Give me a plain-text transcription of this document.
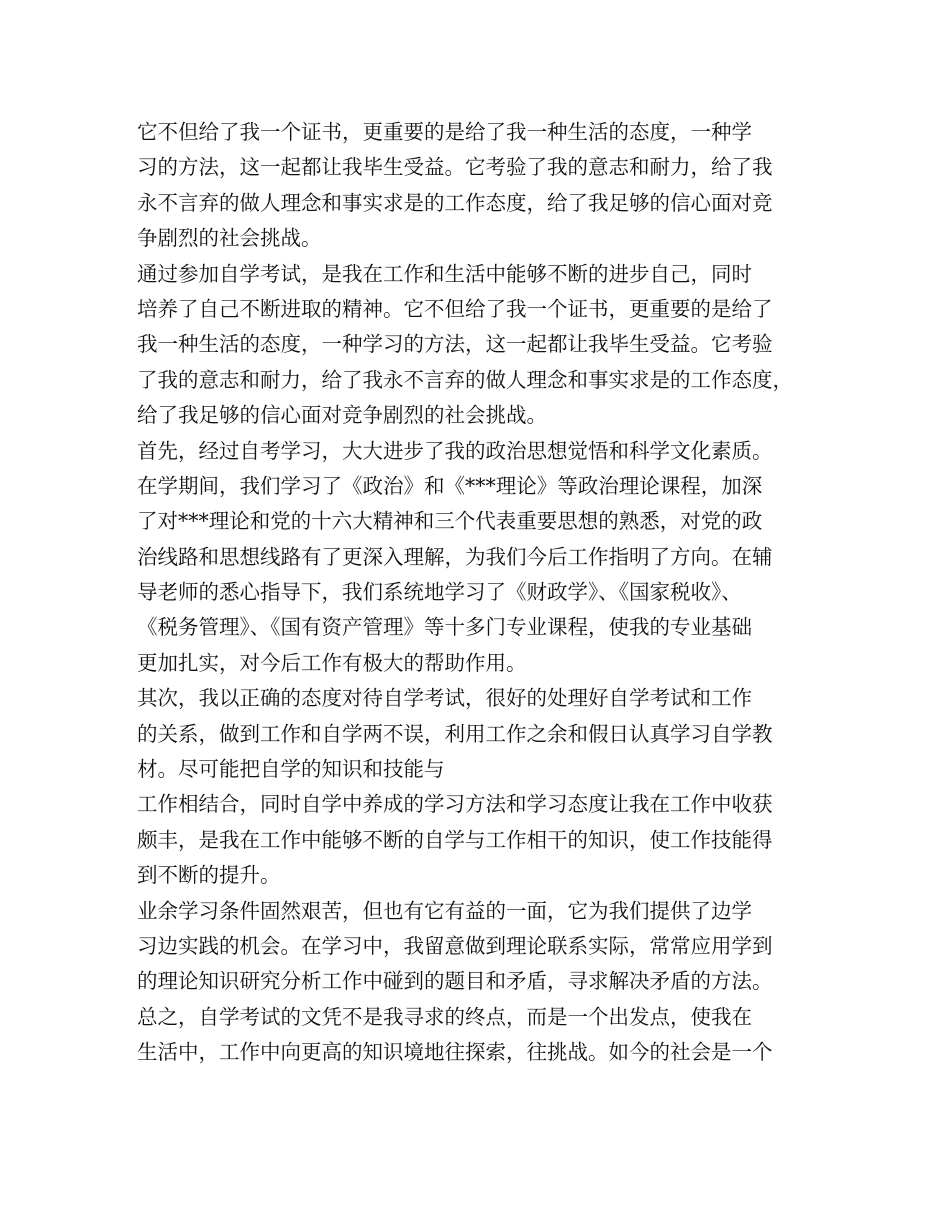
它不但给了我一个证书，更重要的是给了我一种生活的态度，一种学
习的方法，这一起都让我毕生受益。它考验了我的意志和耐力，给了我
永不言弃的做人理念和事实求是的工作态度，给了我足够的信心面对竞
争剧烈的社会挑战。
通过参加自学考试，是我在工作和生活中能够不断的进步自己，同时
培养了自己不断进取的精神。它不但给了我一个证书，更重要的是给了
我一种生活的态度，一种学习的方法，这一起都让我毕生受益。它考验
了我的意志和耐力，给了我永不言弃的做人理念和事实求是的工作态度，
给了我足够的信心面对竞争剧烈的社会挑战。
首先，经过自考学习，大大进步了我的政治思想觉悟和科学文化素质。
在学期间，我们学习了《政治》和《***理论》等政治理论课程，加深
了对***理论和党的十六大精神和三个代表重要思想的熟悉，对党的政
治线路和思想线路有了更深入理解，为我们今后工作指明了方向。在辅
导老师的悉心指导下，我们系统地学习了《财政学》、《国家税收》、
《税务管理》、《国有资产管理》等十多门专业课程，使我的专业基础
更加扎实，对今后工作有极大的帮助作用。
其次，我以正确的态度对待自学考试，很好的处理好自学考试和工作
的关系，做到工作和自学两不误，利用工作之余和假日认真学习自学教
材。尽可能把自学的知识和技能与
工作相结合，同时自学中养成的学习方法和学习态度让我在工作中收获
颇丰，是我在工作中能够不断的自学与工作相干的知识，使工作技能得
到不断的提升。
业余学习条件固然艰苦，但也有它有益的一面，它为我们提供了边学
习边实践的机会。在学习中，我留意做到理论联系实际，常常应用学到
的理论知识研究分析工作中碰到的题目和矛盾，寻求解决矛盾的方法。
总之，自学考试的文凭不是我寻求的终点，而是一个出发点，使我在
生活中，工作中向更高的知识境地往探索，往挑战。如今的社会是一个
